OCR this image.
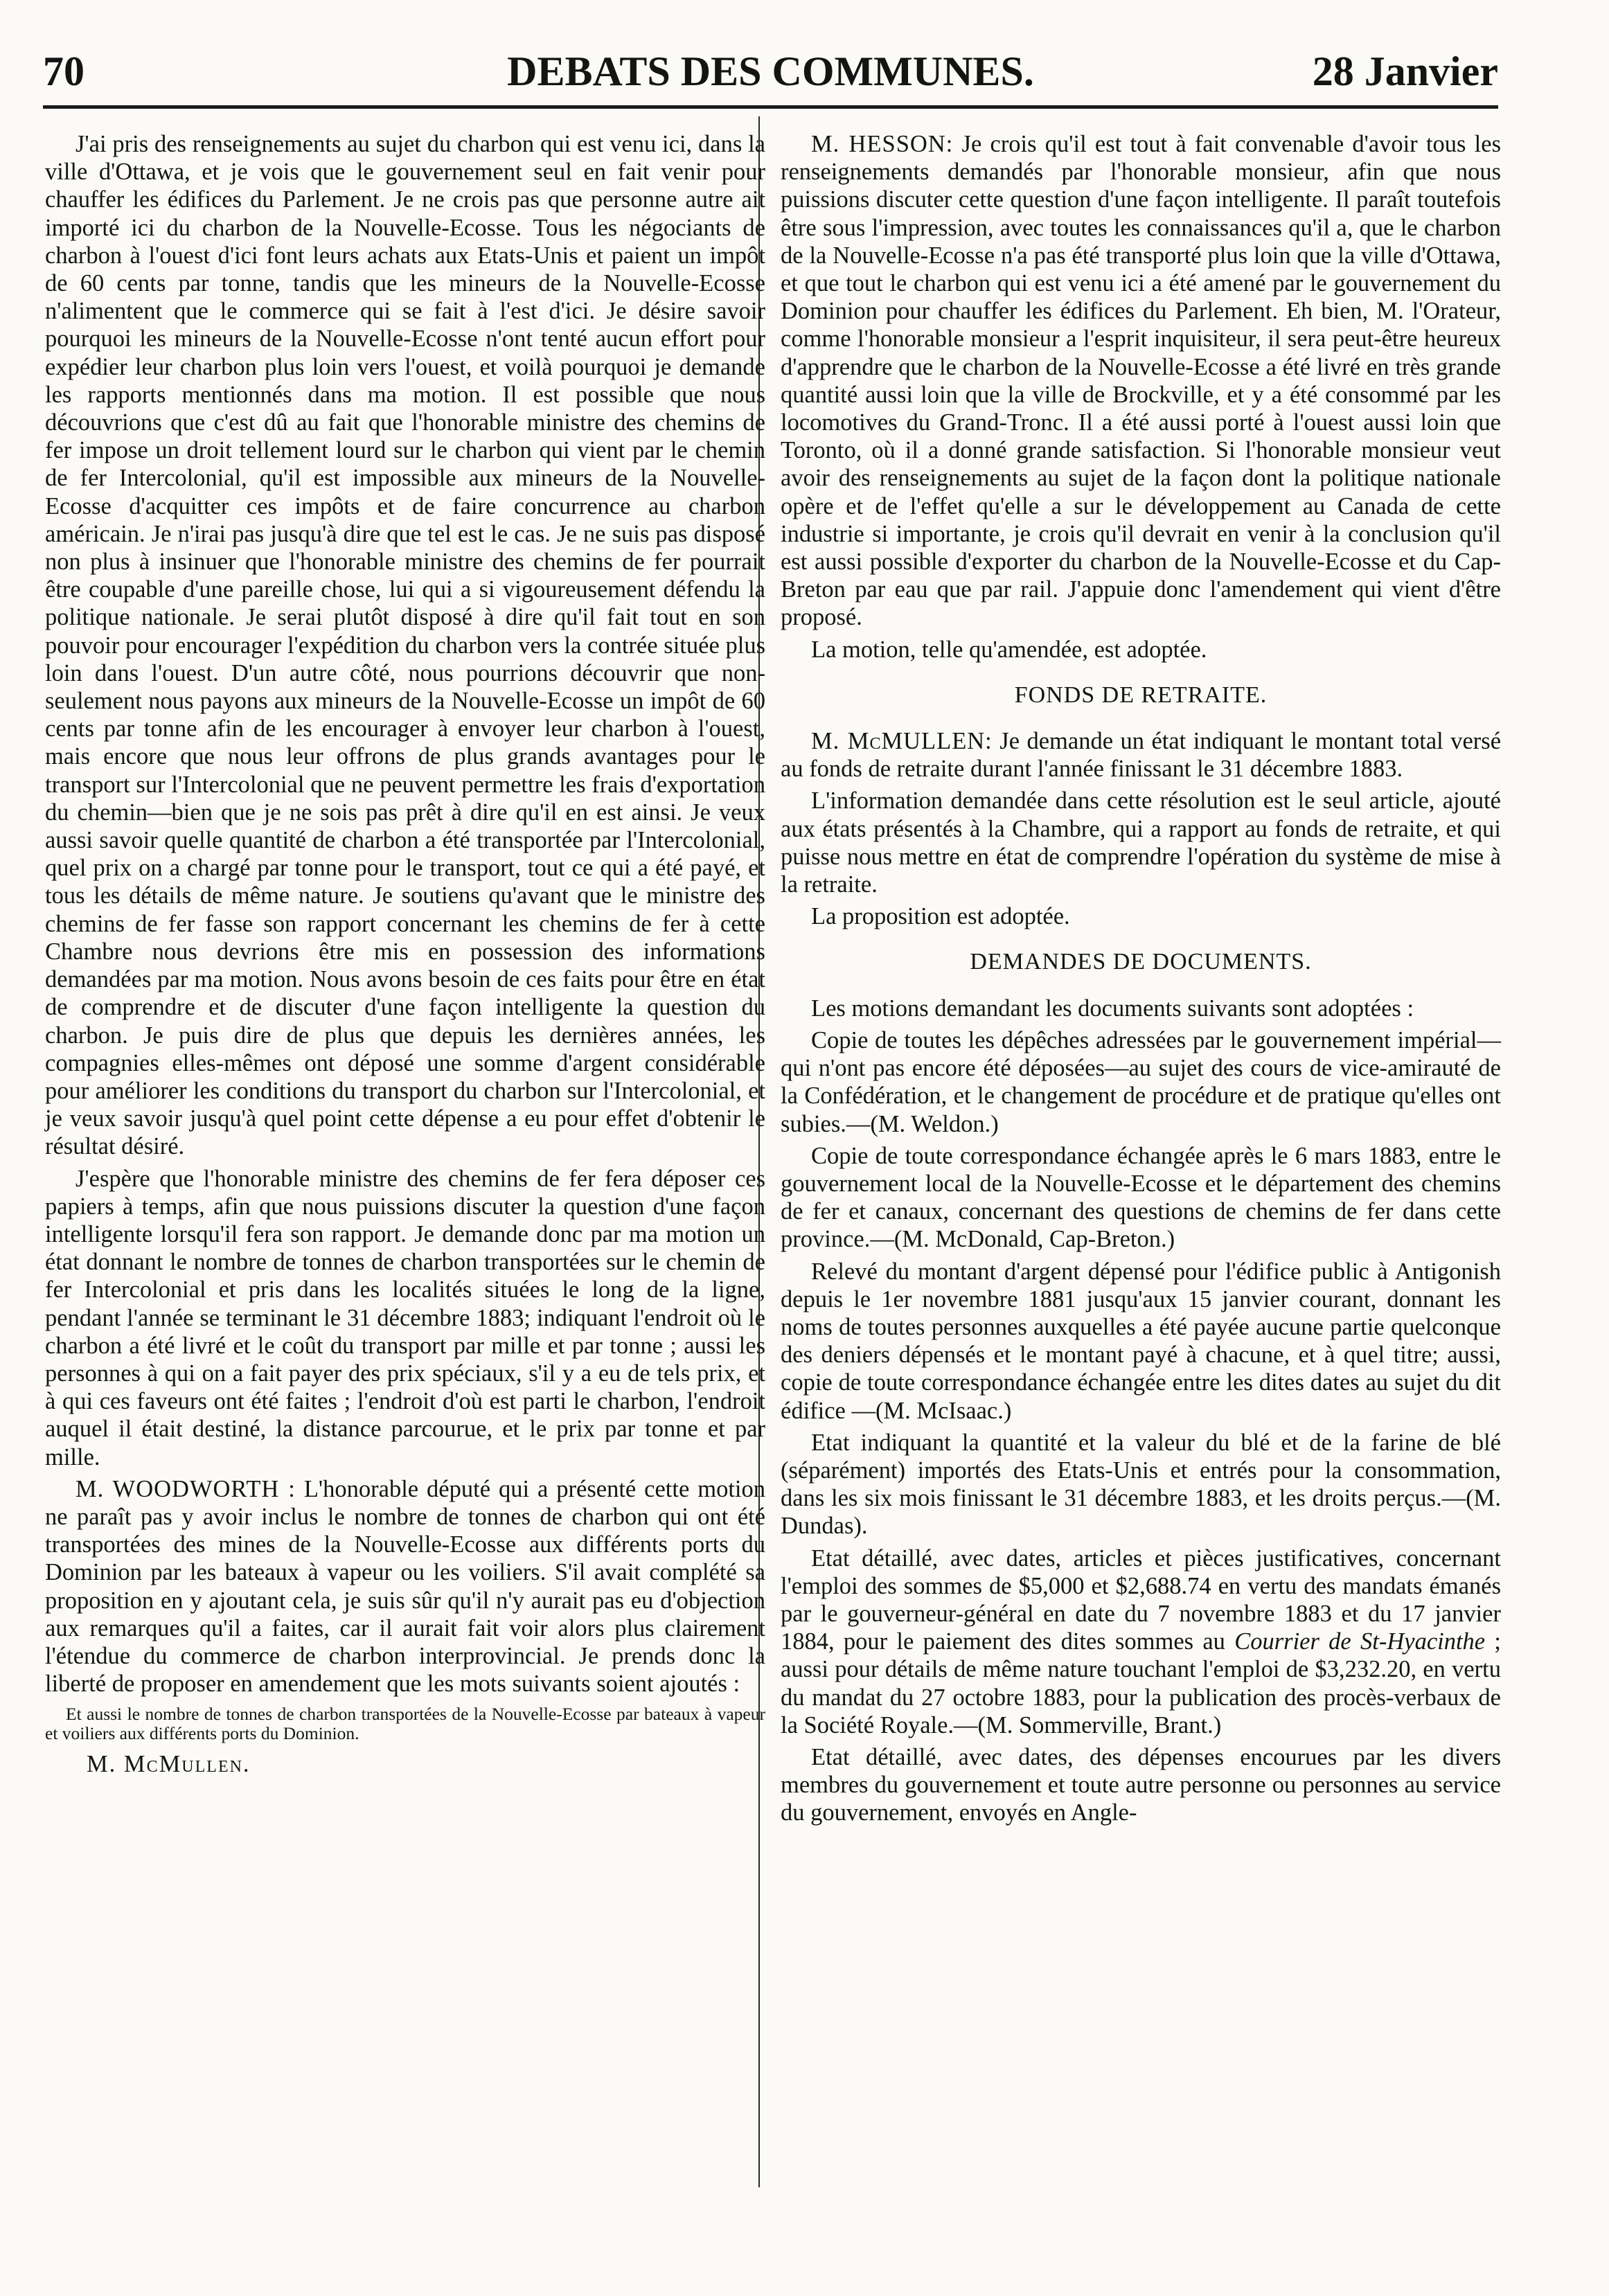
70	DEBATS DES COMMUNES.	28 Janvier

J'ai pris des renseignements au sujet du charbon qui est venu ici, dans la ville d'Ottawa, et je vois que le gouvernement seul en fait venir pour chauffer les édifices du Parlement. Je ne crois pas que personne autre ait importé ici du charbon de la Nouvelle-Ecosse. Tous les négociants de charbon à l'ouest d'ici font leurs achats aux Etats-Unis et paient un impôt de 60 cents par tonne, tandis que les mineurs de la Nouvelle-Ecosse n'alimentent que le commerce qui se fait à l'est d'ici. Je désire savoir pourquoi les mineurs de la Nouvelle-Ecosse n'ont tenté aucun effort pour expédier leur charbon plus loin vers l'ouest, et voilà pourquoi je demande les rapports mentionnés dans ma motion. Il est possible que nous découvrions que c'est dû au fait que l'honorable ministre des chemins de fer impose un droit tellement lourd sur le charbon qui vient par le chemin de fer Intercolonial, qu'il est impossible aux mineurs de la Nouvelle-Ecosse d'acquitter ces impôts et de faire concurrence au charbon américain. Je n'irai pas jusqu'à dire que tel est le cas. Je ne suis pas disposé non plus à insinuer que l'honorable ministre des chemins de fer pourrait être coupable d'une pareille chose, lui qui a si vigoureusement défendu la politique nationale. Je serai plutôt disposé à dire qu'il fait tout en son pouvoir pour encourager l'expédition du charbon vers la contrée située plus loin dans l'ouest. D'un autre côté, nous pourrions découvrir que non-seulement nous payons aux mineurs de la Nouvelle-Ecosse un impôt de 60 cents par tonne afin de les encourager à envoyer leur charbon à l'ouest, mais encore que nous leur offrons de plus grands avantages pour le transport sur l'Intercolonial que ne peuvent permettre les frais d'exportation du chemin—bien que je ne sois pas prêt à dire qu'il en est ainsi. Je veux aussi savoir quelle quantité de charbon a été transportée par l'Intercolonial, quel prix on a chargé par tonne pour le transport, tout ce qui a été payé, et tous les détails de même nature. Je soutiens qu'avant que le ministre des chemins de fer fasse son rapport concernant les chemins de fer à cette Chambre nous devrions être mis en possession des informations demandées par ma motion. Nous avons besoin de ces faits pour être en état de comprendre et de discuter d'une façon intelligente la question du charbon. Je puis dire de plus que depuis les dernières années, les compagnies elles-mêmes ont déposé une somme d'argent considérable pour améliorer les conditions du transport du charbon sur l'Intercolonial, et je veux savoir jusqu'à quel point cette dépense a eu pour effet d'obtenir le résultat désiré.

J'espère que l'honorable ministre des chemins de fer fera déposer ces papiers à temps, afin que nous puissions discuter la question d'une façon intelligente lorsqu'il fera son rapport. Je demande donc par ma motion un état donnant le nombre de tonnes de charbon transportées sur le chemin de fer Intercolonial et pris dans les localités situées le long de la ligne, pendant l'année se terminant le 31 décembre 1883; indiquant l'endroit où le charbon a été livré et le coût du transport par mille et par tonne ; aussi les personnes à qui on a fait payer des prix spéciaux, s'il y a eu de tels prix, et à qui ces faveurs ont été faites ; l'endroit d'où est parti le charbon, l'endroit auquel il était destiné, la distance parcourue, et le prix par tonne et par mille.

M. WOODWORTH : L'honorable député qui a présenté cette motion ne paraît pas y avoir inclus le nombre de tonnes de charbon qui ont été transportées des mines de la Nouvelle-Ecosse aux différents ports du Dominion par les bateaux à vapeur ou les voiliers. S'il avait complété sa proposition en y ajoutant cela, je suis sûr qu'il n'y aurait pas eu d'objection aux remarques qu'il a faites, car il aurait fait voir alors plus clairement l'étendue du commerce de charbon interprovincial. Je prends donc la liberté de proposer en amendement que les mots suivants soient ajoutés :

Et aussi le nombre de tonnes de charbon transportées de la Nouvelle-Ecosse par bateaux à vapeur et voiliers aux différents ports du Dominion.
M. McMullen.

M. HESSON: Je crois qu'il est tout à fait convenable d'avoir tous les renseignements demandés par l'honorable monsieur, afin que nous puissions discuter cette question d'une façon intelligente. Il paraît toutefois être sous l'impression, avec toutes les connaissances qu'il a, que le charbon de la Nouvelle-Ecosse n'a pas été transporté plus loin que la ville d'Ottawa, et que tout le charbon qui est venu ici a été amené par le gouvernement du Dominion pour chauffer les édifices du Parlement. Eh bien, M. l'Orateur, comme l'honorable monsieur a l'esprit inquisiteur, il sera peut-être heureux d'apprendre que le charbon de la Nouvelle-Ecosse a été livré en très grande quantité aussi loin que la ville de Brockville, et y a été consommé par les locomotives du Grand-Tronc. Il a été aussi porté à l'ouest aussi loin que Toronto, où il a donné grande satisfaction. Si l'honorable monsieur veut avoir des renseignements au sujet de la façon dont la politique nationale opère et de l'effet qu'elle a sur le développement au Canada de cette industrie si importante, je crois qu'il devrait en venir à la conclusion qu'il est aussi possible d'exporter du charbon de la Nouvelle-Ecosse et du Cap-Breton par eau que par rail. J'appuie donc l'amendement qui vient d'être proposé.

La motion, telle qu'amendée, est adoptée.

FONDS DE RETRAITE.

M. McMULLEN: Je demande un état indiquant le montant total versé au fonds de retraite durant l'année finissant le 31 décembre 1883.

L'information demandée dans cette résolution est le seul article, ajouté aux états présentés à la Chambre, qui a rapport au fonds de retraite, et qui puisse nous mettre en état de comprendre l'opération du système de mise à la retraite.

La proposition est adoptée.

DEMANDES DE DOCUMENTS.

Les motions demandant les documents suivants sont adoptées :

Copie de toutes les dépêches adressées par le gouvernement impérial—qui n'ont pas encore été déposées—au sujet des cours de vice-amirauté de la Confédération, et le changement de procédure et de pratique qu'elles ont subies.—(M. Weldon.)

Copie de toute correspondance échangée après le 6 mars 1883, entre le gouvernement local de la Nouvelle-Ecosse et le département des chemins de fer et canaux, concernant des questions de chemins de fer dans cette province.—(M. McDonald, Cap-Breton.)

Relevé du montant d'argent dépensé pour l'édifice public à Antigonish depuis le 1er novembre 1881 jusqu'aux 15 janvier courant, donnant les noms de toutes personnes auxquelles a été payée aucune partie quelconque des deniers dépensés et le montant payé à chacune, et à quel titre; aussi, copie de toute correspondance échangée entre les dites dates au sujet du dit édifice —(M. McIsaac.)

Etat indiquant la quantité et la valeur du blé et de la farine de blé (séparément) importés des Etats-Unis et entrés pour la consommation, dans les six mois finissant le 31 décembre 1883, et les droits perçus.—(M. Dundas).

Etat détaillé, avec dates, articles et pièces justificatives, concernant l'emploi des sommes de $5,000 et $2,688.74 en vertu des mandats émanés par le gouverneur-général en date du 7 novembre 1883 et du 17 janvier 1884, pour le paiement des dites sommes au Courrier de St-Hyacinthe ; aussi pour détails de même nature touchant l'emploi de $3,232.20, en vertu du mandat du 27 octobre 1883, pour la publication des procès-verbaux de la Société Royale.—(M. Sommerville, Brant.)

Etat détaillé, avec dates, des dépenses encourues par les divers membres du gouvernement et toute autre personne ou personnes au service du gouvernement, envoyés en Angle-
